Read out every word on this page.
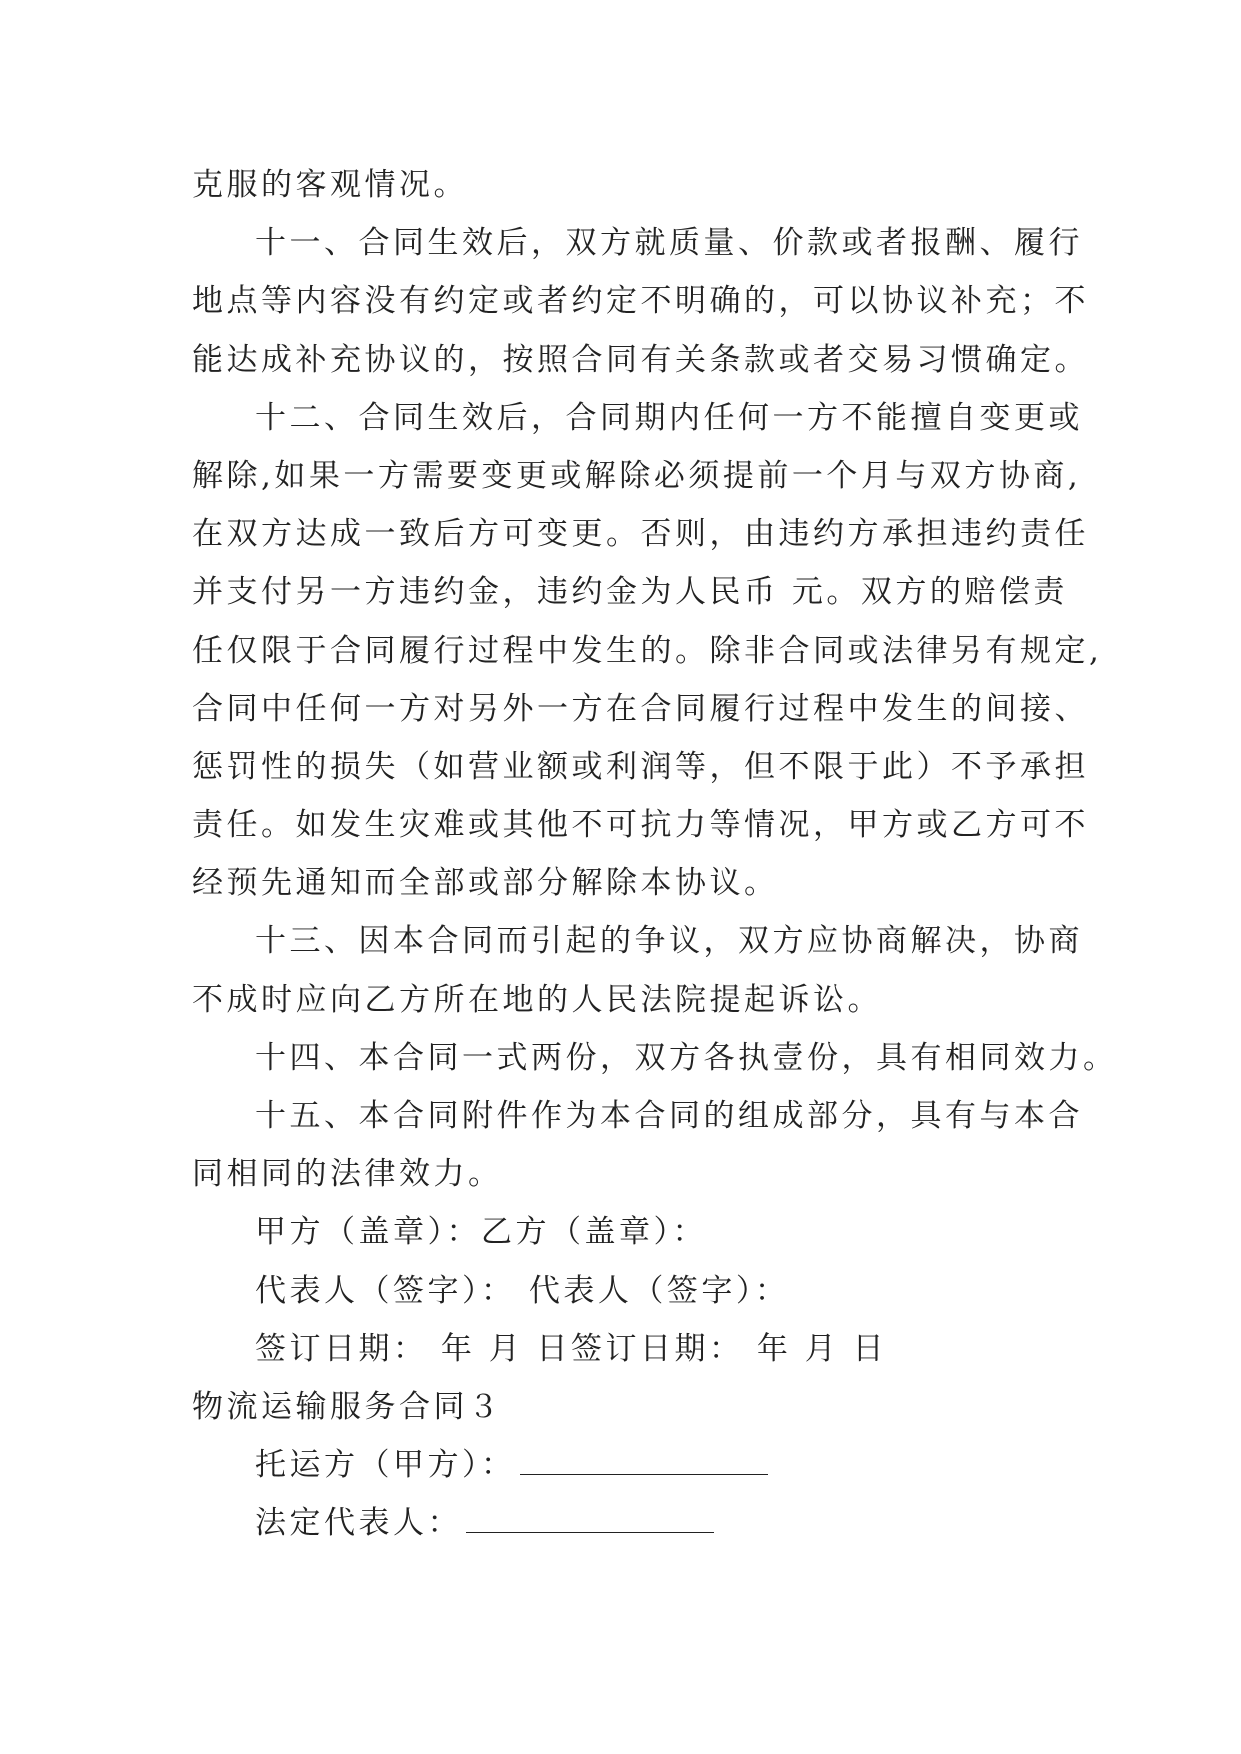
克服的客观情况。
十一、合同生效后，双方就质量、价款或者报酬、履行
地点等内容没有约定或者约定不明确的，可以协议补充；不
能达成补充协议的，按照合同有关条款或者交易习惯确定。
十二、合同生效后，合同期内任何一方不能擅自变更或
解除,如果一方需要变更或解除必须提前一个月与双方协商,
在双方达成一致后方可变更。否则，由违约方承担违约责任
并支付另一方违约金，违约金为人民币 元。双方的赔偿责
任仅限于合同履行过程中发生的。除非合同或法律另有规定,
合同中任何一方对另外一方在合同履行过程中发生的间接、
惩罚性的损失（如营业额或利润等，但不限于此）不予承担
责任。如发生灾难或其他不可抗力等情况，甲方或乙方可不
经预先通知而全部或部分解除本协议。
十三、因本合同而引起的争议，双方应协商解决，协商
不成时应向乙方所在地的人民法院提起诉讼。
十四、本合同一式两份，双方各执壹份，具有相同效力。
十五、本合同附件作为本合同的组成部分，具有与本合
同相同的法律效力。
甲方（盖章）：乙方（盖章）：
代表人（签字）： 代表人（签字）：
签订日期： 年 月 日签订日期： 年 月 日
物流运输服务合同３
托运方（甲方）：
法定代表人：
